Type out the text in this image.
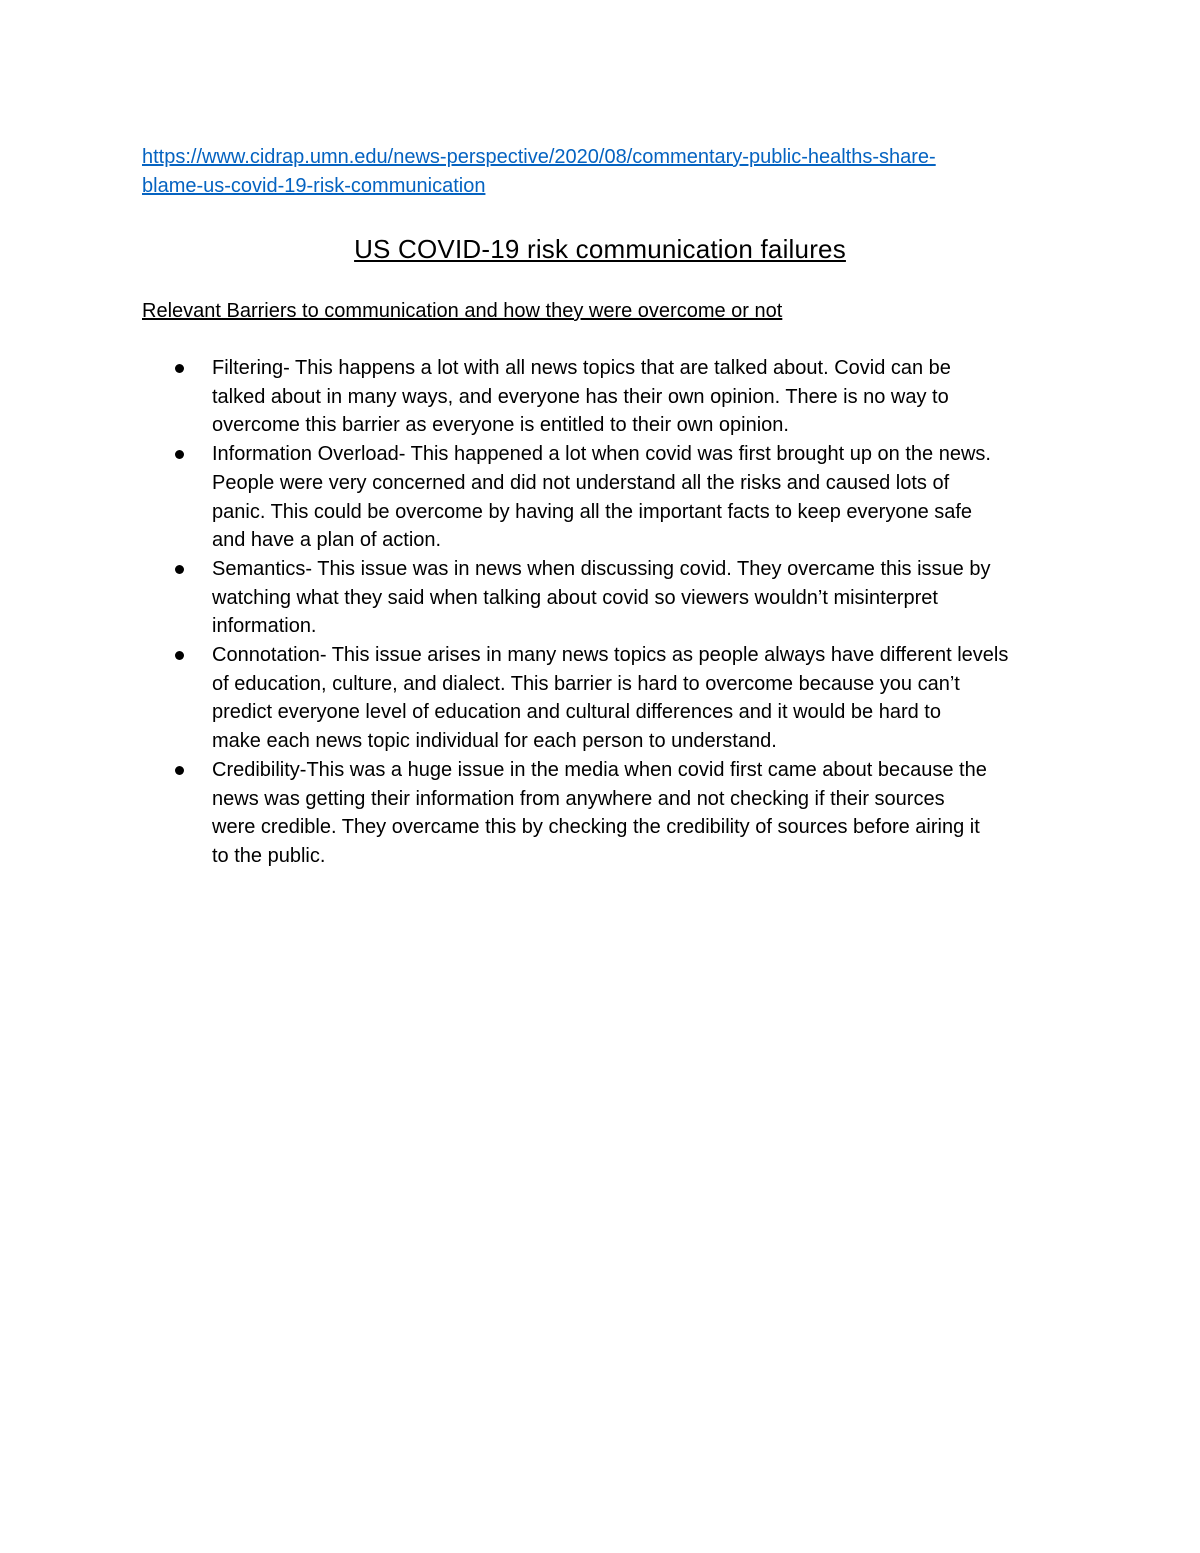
https://www.cidrap.umn.edu/news-perspective/2020/08/commentary-public-healths-share-
blame-us-covid-19-risk-communication
US COVID-19 risk communication failures
Relevant Barriers to communication and how they were overcome or not
Filtering- This happens a lot with all news topics that are talked about. Covid can be
talked about in many ways, and everyone has their own opinion. There is no way to
overcome this barrier as everyone is entitled to their own opinion.
Information Overload- This happened a lot when covid was first brought up on the news.
People were very concerned and did not understand all the risks and caused lots of
panic. This could be overcome by having all the important facts to keep everyone safe
and have a plan of action.
Semantics- This issue was in news when discussing covid. They overcame this issue by
watching what they said when talking about covid so viewers wouldn’t misinterpret
information.
Connotation- This issue arises in many news topics as people always have different levels
of education, culture, and dialect. This barrier is hard to overcome because you can’t
predict everyone level of education and cultural differences and it would be hard to
make each news topic individual for each person to understand.
Credibility-This was a huge issue in the media when covid first came about because the
news was getting their information from anywhere and not checking if their sources
were credible. They overcame this by checking the credibility of sources before airing it
to the public.
